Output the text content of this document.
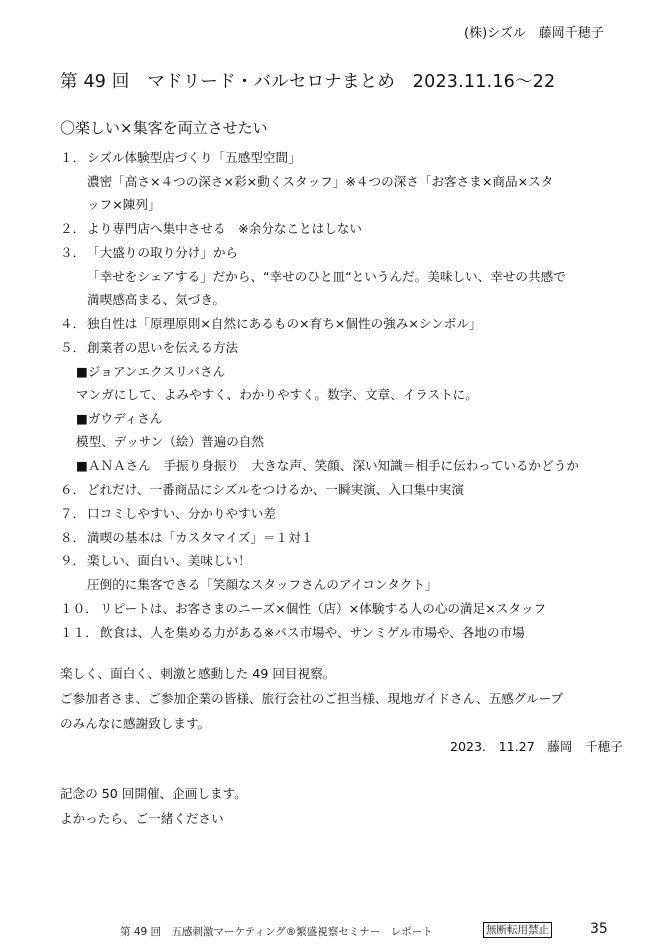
(株)シズル　藤岡千穂子
第 49 回　マドリード・バルセロナまとめ　2023.11.16～22
〇楽しい×集客を両立させたい
１． シズル体験型店づくり「五感型空間」
濃密「高さ×４つの深さ×彩×動くスタッフ」※４つの深さ「お客さま×商品×スタ
ッフ×陳列」
２． より専門店へ集中させる　※余分なことはしない
３． 「大盛りの取り分け」から
「幸せをシェアする」だから、“幸せのひと皿“というんだ。美味しい、幸せの共感で
満喫感高まる、気づき。
４． 独自性は「原理原則×自然にあるもの×育ち×個性の強み×シンボル」
５． 創業者の思いを伝える方法
■ジョアンエクスリバさん
マンガにして、よみやすく、わかりやすく。数字、文章、イラストに。
■ガウディさん
模型、デッサン（絵）普遍の自然
■ＡＮＡさん　手振り身振り　大きな声、笑顔、深い知識＝相手に伝わっているかどうか
６． どれだけ、一番商品にシズルをつけるか、一瞬実演、入口集中実演
７． 口コミしやすい、分かりやすい差
８． 満喫の基本は「カスタマイズ」＝１対１
９． 楽しい、面白い、美味しい！
圧倒的に集客できる「笑顔なスタッフさんのアイコンタクト」
１０． リピートは、お客さまのニーズ×個性（店）×体験する人の心の満足×スタッフ
１１． 飲食は、人を集める力がある※パス市場や、サンミゲル市場や、各地の市場
楽しく、面白く、刺激と感動した 49 回目視察。
ご参加者さま、ご参加企業の皆様、旅行会社のご担当様、現地ガイドさん、五感グループ
のみんなに感謝致します。
2023.　11.27　藤岡　千穂子
記念の 50 回開催、企画します。
よかったら、ご一緒ください
第 49 回　五感刺激マーケティング®繁盛視察セミナー　レポート	無断転用禁止	35
